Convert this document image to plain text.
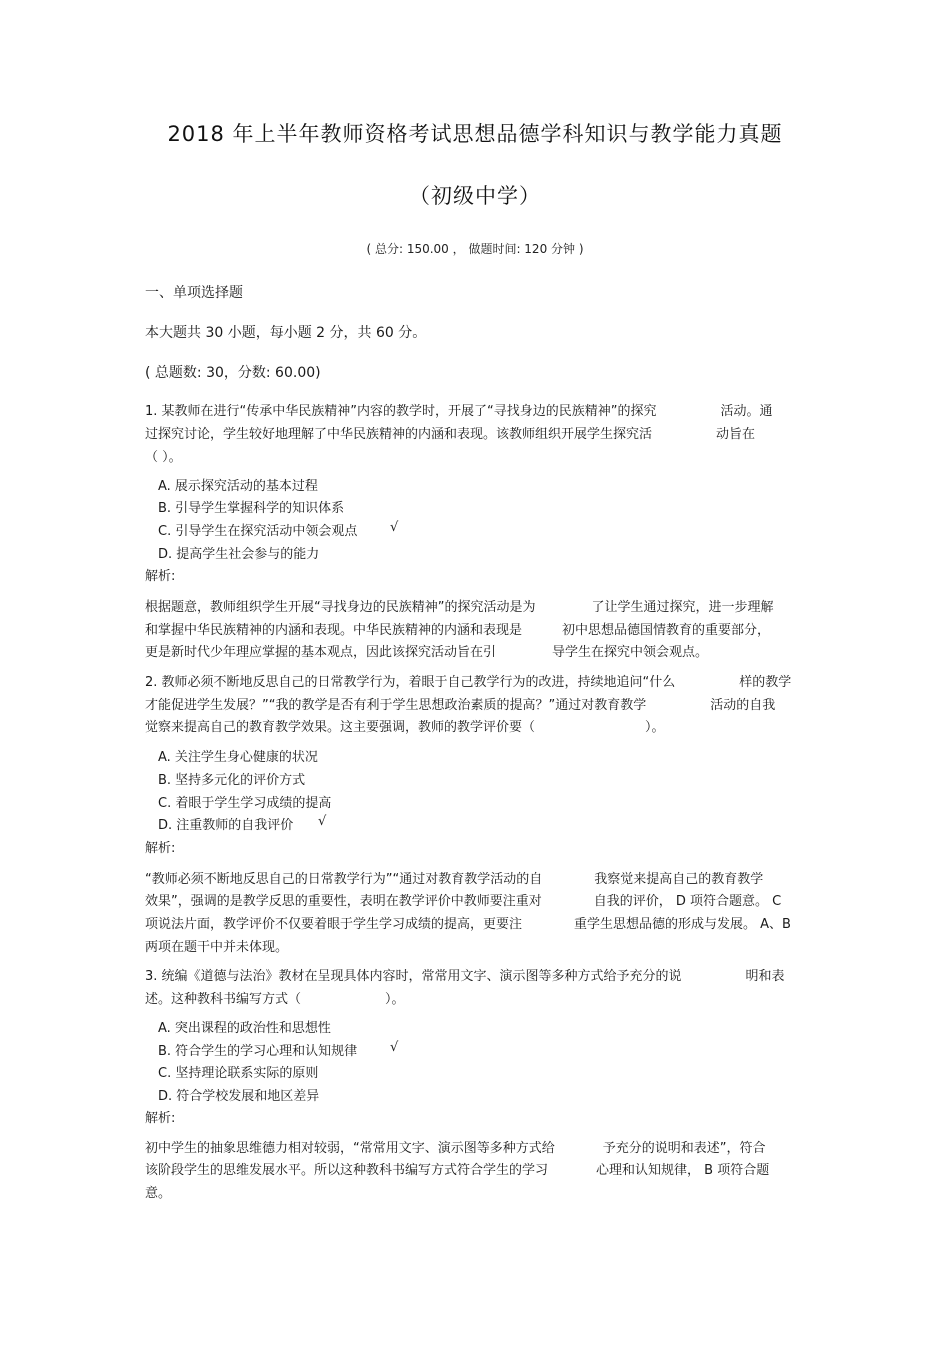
2018 年上半年教师资格考试思想品德学科知识与教学能力真题
（初级中学）
( 总分: 150.00 ， 做题时间: 120 分钟 )
一、单项选择题
本大题共 30 小题，每小题 2 分，共 60 分。
( 总题数: 30，分数: 60.00)
1. 某教师在进行“传承中华民族精神”内容的教学时，开展了“寻找身边的民族精神”的探究	活动。通
过探究讨论，学生较好地理解了中华民族精神的内涵和表现。该教师组织开展学生探究活	动旨在
（ ）。
A. 展示探究活动的基本过程
B. 引导学生掌握科学的知识体系
C. 引导学生在探究活动中领会观点	√
D. 提高学生社会参与的能力
解析:
根据题意，教师组织学生开展“寻找身边的民族精神”的探究活动是为	了让学生通过探究，进一步理解
和掌握中华民族精神的内涵和表现。中华民族精神的内涵和表现是	初中思想品德国情教育的重要部分，
更是新时代少年理应掌握的基本观点，因此该探究活动旨在引	导学生在探究中领会观点。
2. 教师必须不断地反思自己的日常教学行为，着眼于自己教学行为的改进，持续地追问“什么	样的教学
才能促进学生发展？”“我的教学是否有利于学生思想政治素质的提高？”通过对教育教学	活动的自我
觉察来提高自己的教育教学效果。这主要强调，教师的教学评价要（	）。
A. 关注学生身心健康的状况
B. 坚持多元化的评价方式
C. 着眼于学生学习成绩的提高
D. 注重教师的自我评价 √
解析:
“教师必须不断地反思自己的日常教学行为”“通过对教育教学活动的自	我察觉来提高自己的教育教学
效果”，强调的是教学反思的重要性，表明在教学评价中教师要注重对	自我的评价， D 项符合题意。 C
项说法片面，教学评价不仅要着眼于学生学习成绩的提高，更要注	重学生思想品德的形成与发展。 A、B
两项在题干中并未体现。
3. 统编《道德与法治》教材在呈现具体内容时，常常用文字、演示图等多种方式给予充分的说	明和表
述。这种教科书编写方式（	）。
A. 突出课程的政治性和思想性
B. 符合学生的学习心理和认知规律	√
C. 坚持理论联系实际的原则
D. 符合学校发展和地区差异
解析:
初中学生的抽象思维德力相对较弱，“常常用文字、演示图等多种方式给	予充分的说明和表述”，符合
该阶段学生的思维发展水平。所以这种教科书编写方式符合学生的学习	心理和认知规律， B 项符合题
意。
